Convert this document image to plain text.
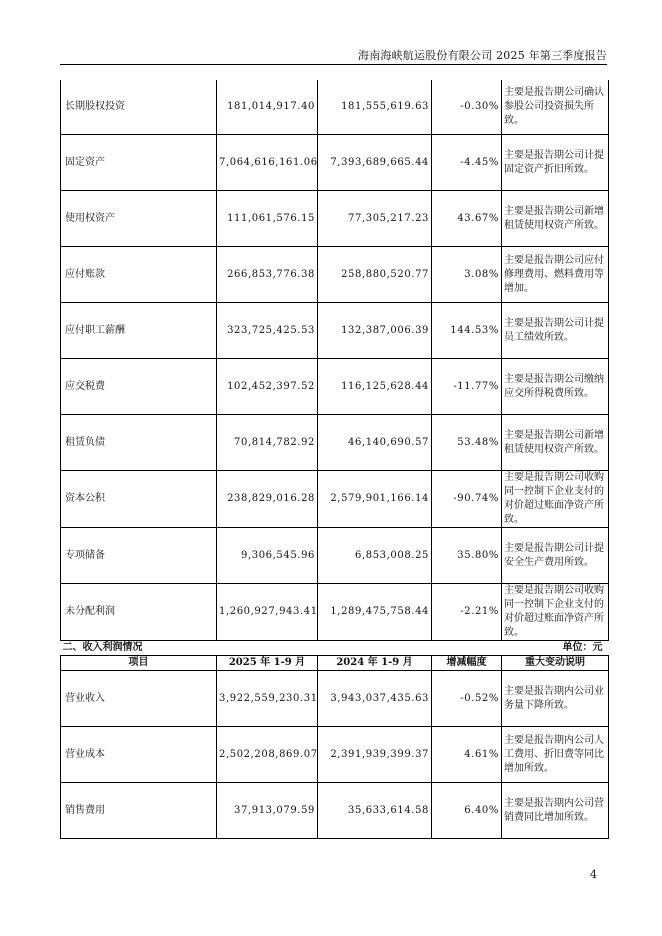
海南海峡航运股份有限公司 2025 年第三季度报告
长期股权投资	181,014,917.40	181,555,619.63	-0.30%	主要是报告期公司确认参股公司投资损失所致。
固定资产	7,064,616,161.06	7,393,689,665.44	-4.45%	主要是报告期公司计提固定资产折旧所致。
使用权资产	111,061,576.15	77,305,217.23	43.67%	主要是报告期公司新增租赁使用权资产所致。
应付账款	266,853,776.38	258,880,520.77	3.08%	主要是报告期公司应付修理费用、燃料费用等增加。
应付职工薪酬	323,725,425.53	132,387,006.39	144.53%	主要是报告期公司计提员工绩效所致。
应交税费	102,452,397.52	116,125,628.44	-11.77%	主要是报告期公司缴纳应交所得税费所致。
租赁负债	70,814,782.92	46,140,690.57	53.48%	主要是报告期公司新增租赁使用权资产所致。
资本公积	238,829,016.28	2,579,901,166.14	-90.74%	主要是报告期公司收购同一控制下企业支付的对价超过账面净资产所致。
专项储备	9,306,545.96	6,853,008.25	35.80%	主要是报告期公司计提安全生产费用所致。
未分配利润	1,260,927,943.41	1,289,475,758.44	-2.21%	主要是报告期公司收购同一控制下企业支付的对价超过账面净资产所致。
二、收入利润情况			单位：元	
项目	2025 年 1-9 月	2024 年 1-9 月	增减幅度	重大变动说明
营业收入	3,922,559,230.31	3,943,037,435.63	-0.52%	主要是报告期内公司业务量下降所致。
营业成本	2,502,208,869.07	2,391,939,399.37	4.61%	主要是报告期内公司人工费用、折旧费等同比增加所致。
销售费用	37,913,079.59	35,633,614.58	6.40%	主要是报告期内公司营销费同比增加所致。
4
